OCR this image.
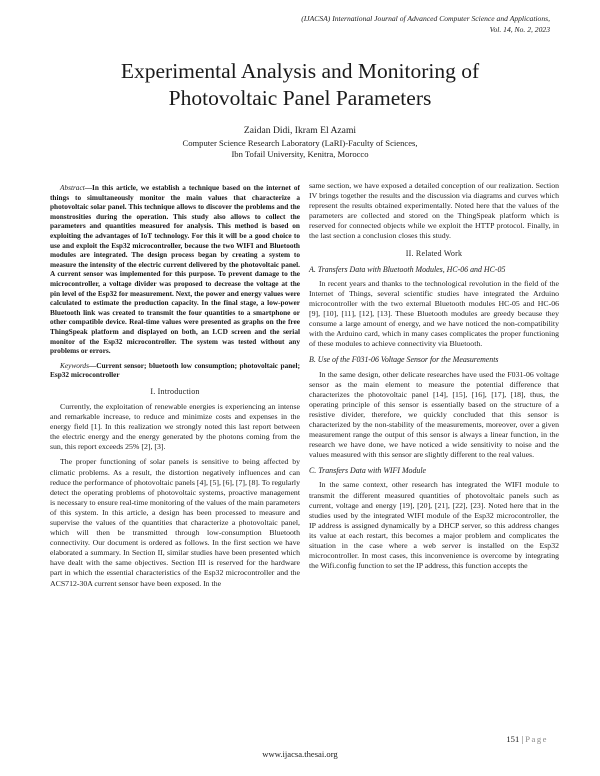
(IJACSA) International Journal of Advanced Computer Science and Applications,
Vol. 14, No. 2, 2023
Experimental Analysis and Monitoring of
Photovoltaic Panel Parameters
Zaidan Didi, Ikram El Azami
Computer Science Research Laboratory (LaRI)-Faculty of Sciences,
Ibn Tofail University, Kenitra, Morocco

Abstract—In this article, we establish a technique based on the internet of things to simultaneously monitor the main values that characterize a photovoltaic solar panel. This technique allows to discover the problems and the monstrosities during the operation. This study also allows to collect the parameters and quantities measured for analysis. This method is based on exploiting the advantages of IoT technology. For this it will be a good choice to use and exploit the Esp32 microcontroller, because the two WIFI and Bluetooth modules are integrated. The design process began by creating a system to measure the intensity of the electric current delivered by the photovoltaic panel. A current sensor was implemented for this purpose. To prevent damage to the microcontroller, a voltage divider was proposed to decrease the voltage at the pin level of the Esp32 for measurement. Next, the power and energy values were calculated to estimate the production capacity. In the final stage, a low-power Bluetooth link was created to transmit the four quantities to a smartphone or other compatible device. Real-time values were presented as graphs on the free ThingSpeak platform and displayed on both, an LCD screen and the serial monitor of the Esp32 microcontroller. The system was tested without any problems or errors.

Keywords—Current sensor; bluetooth low consumption; photovoltaic panel; Esp32 microcontroller

I. Introduction

Currently, the exploitation of renewable energies is experiencing an intense and remarkable increase, to reduce and minimize costs and expenses in the energy field [1]. In this realization we strongly noted this last report between the electric energy and the energy generated by the photons coming from the sun, this report exceeds 25% [2], [3].

The proper functioning of solar panels is sensitive to being affected by climatic problems. As a result, the distortion negatively influences and can reduce the performance of photovoltaic panels [4], [5], [6], [7], [8]. To regularly detect the operating problems of photovoltaic systems, proactive management is necessary to ensure real-time monitoring of the values of the main parameters of this system. In this article, a design has been processed to measure and supervise the values of the quantities that characterize a photovoltaic panel, which will then be transmitted through low-consumption Bluetooth connectivity. Our document is ordered as follows. In the first section we have elaborated a summary. In Section II, similar studies have been presented which have dealt with the same objectives. Section III is reserved for the hardware part in which the essential characteristics of the Esp32 microcontroller and the ACS712-30A current sensor have been exposed. In the

same section, we have exposed a detailed conception of our realization. Section IV brings together the results and the discussion via diagrams and curves which represent the results obtained experimentally. Noted here that the values of the parameters are collected and stored on the ThingSpeak platform which is reserved for connected objects while we exploit the HTTP protocol. Finally, in the last section a conclusion closes this study.

II. Related Work
A. Transfers Data with Bluetooth Modules, HC-06 and HC-05

In recent years and thanks to the technological revolution in the field of the Internet of Things, several scientific studies have integrated the Arduino microcontroller with the two external Bluetooth modules HC-05 and HC-06 [9], [10], [11], [12], [13]. These Bluetooth modules are greedy because they consume a large amount of energy, and we have noticed the non-compatibility with the Arduino card, which in many cases complicates the proper functioning of these modules to achieve connectivity via Bluetooth.

B. Use of the F031-06 Voltage Sensor for the Measurements

In the same design, other delicate researches have used the F031-06 voltage sensor as the main element to measure the potential difference that characterizes the photovoltaic panel [14], [15], [16], [17], [18], thus, the operating principle of this sensor is essentially based on the structure of a resistive divider, therefore, we quickly concluded that this sensor is characterized by the non-stability of the measurements, moreover, over a given measurement range the output of this sensor is always a linear function, in the research we have done, we have noticed a wide sensitivity to noise and the values measured with this sensor are slightly different to the real values.

C. Transfers Data with WIFI Module

In the same context, other research has integrated the WIFI module to transmit the different measured quantities of photovoltaic panels such as current, voltage and energy [19], [20], [21], [22], [23]. Noted here that in the studies used by the integrated WIFI module of the Esp32 microcontroller, the IP address is assigned dynamically by a DHCP server, so this address changes its value at each restart, this becomes a major problem and complicates the situation in the case where a web server is installed on the Esp32 microcontroller. In most cases, this inconvenience is overcome by integrating the Wifi.config function to set the IP address, this function accepts the

151 | Page
www.ijacsa.thesai.org
